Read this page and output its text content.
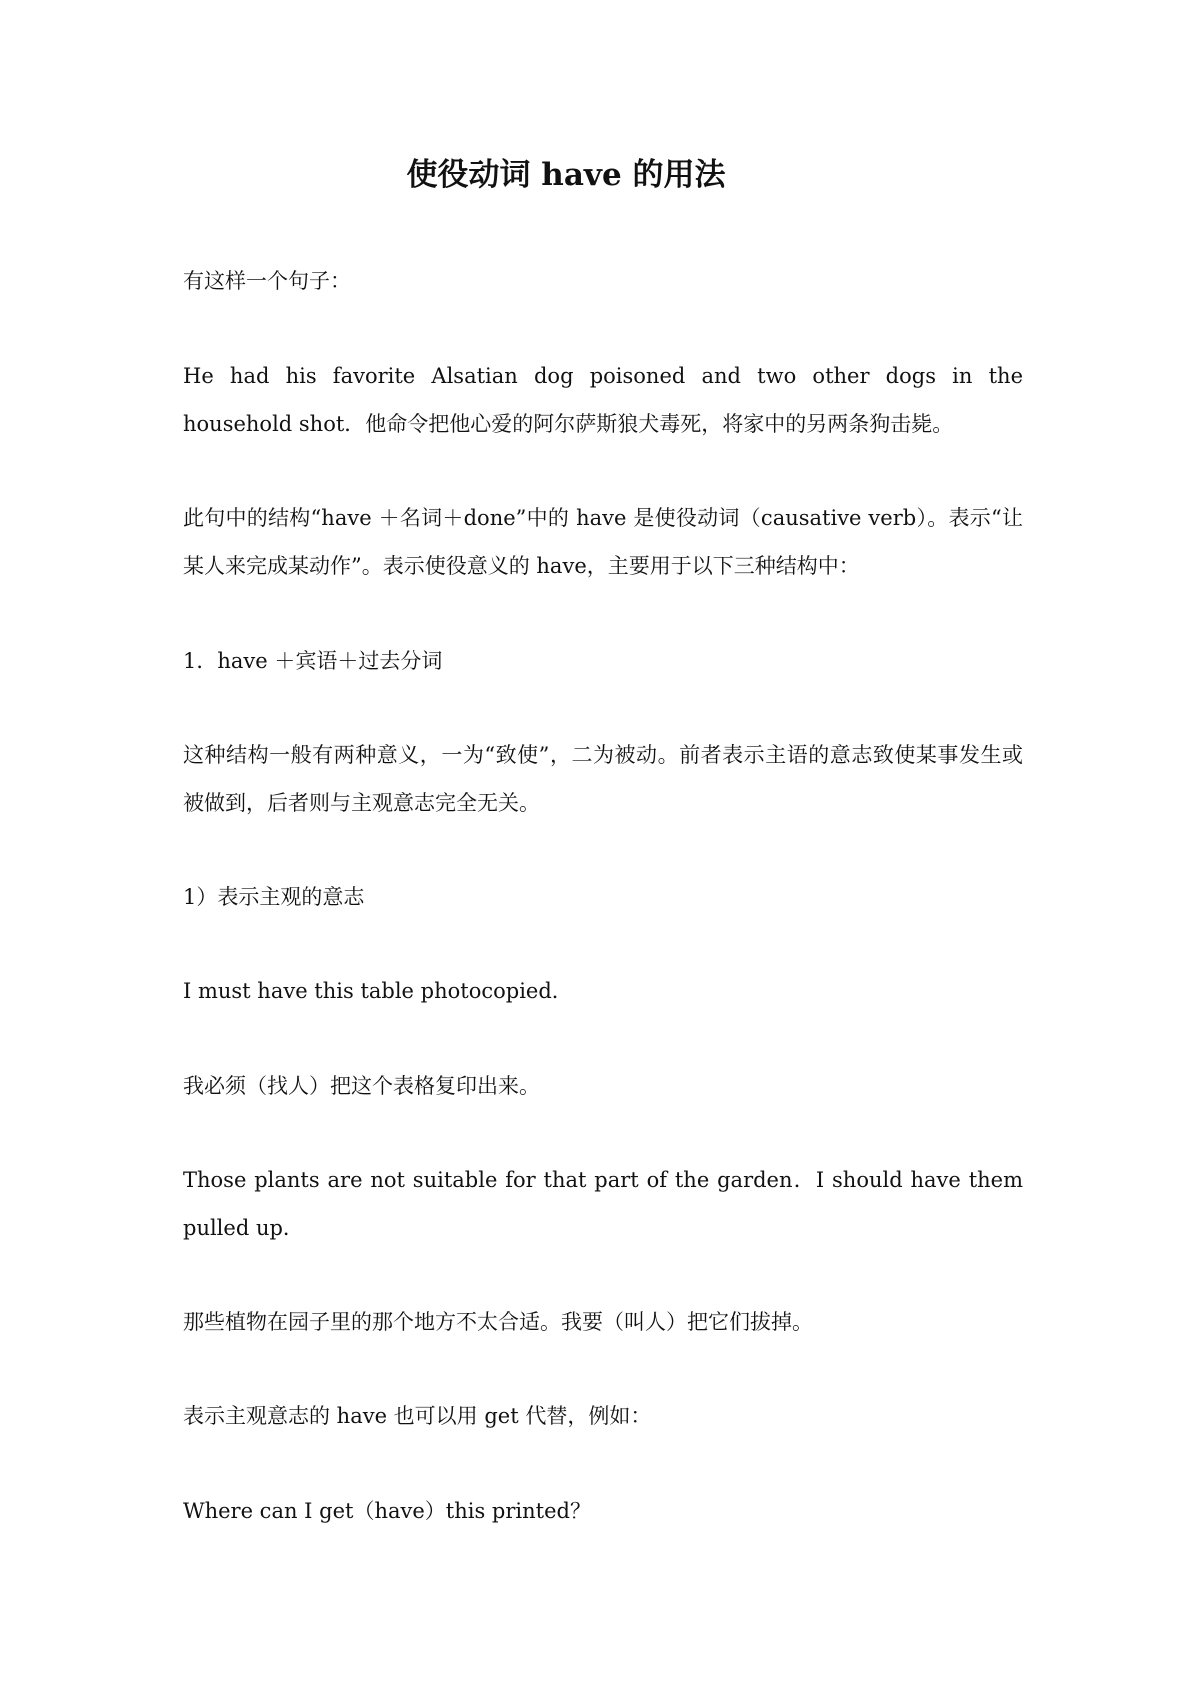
使役动词 have 的用法

有这样一个句子：

He had his favorite Alsatian dog poisoned and two other dogs in the household shot．他命令把他心爱的阿尔萨斯狼犬毒死，将家中的另两条狗击毙。

此句中的结构“have ＋名词＋done”中的 have 是使役动词（causative verb）。表示“让某人来完成某动作”。表示使役意义的 have，主要用于以下三种结构中：

1．have ＋宾语＋过去分词

这种结构一般有两种意义，一为“致使”，二为被动。前者表示主语的意志致使某事发生或被做到，后者则与主观意志完全无关。

1）表示主观的意志

I must have this table photocopied．

我必须（找人）把这个表格复印出来。

Those plants are not suitable for that part of the garden．I should have them pulled up．

那些植物在园子里的那个地方不太合适。我要（叫人）把它们拔掉。

表示主观意志的 have 也可以用 get 代替，例如：

Where can I get（have）this printed？
